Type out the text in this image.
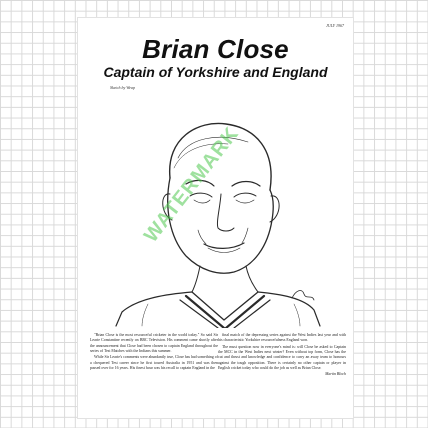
JULY 1967
Brian Close
Captain of Yorkshire and England
Sketch by Weap
WATERMARK

"Brian Close is the most resourceful cricketer in the world today." So said Sir Learie Constantine recently on BBC Television. His comment came shortly after the announcement that Close had been chosen to captain England throughout the series of Test Matches with the Indians this summer.

While Sir Learie's comments were abundantly true, Close has had something of a chequered Test career since he first toured Australia in 1951 and was then passed over for 16 years. His finest hour was his recall to captain England in the

final match of the depressing series against the West Indies last year and with his characteristic Yorkshire resourcefulness England won.

The must question now in everyone's mind is: will Close be asked to Captain the MCC in the West Indies next winter? Even without top form, Close has the cut and thrust and knowledge and confidence to carry an away team to honours against the tough opposition. There is certainly no other captain or player in English cricket today who could do the job as well as Brian Close.

Martin Bloch
